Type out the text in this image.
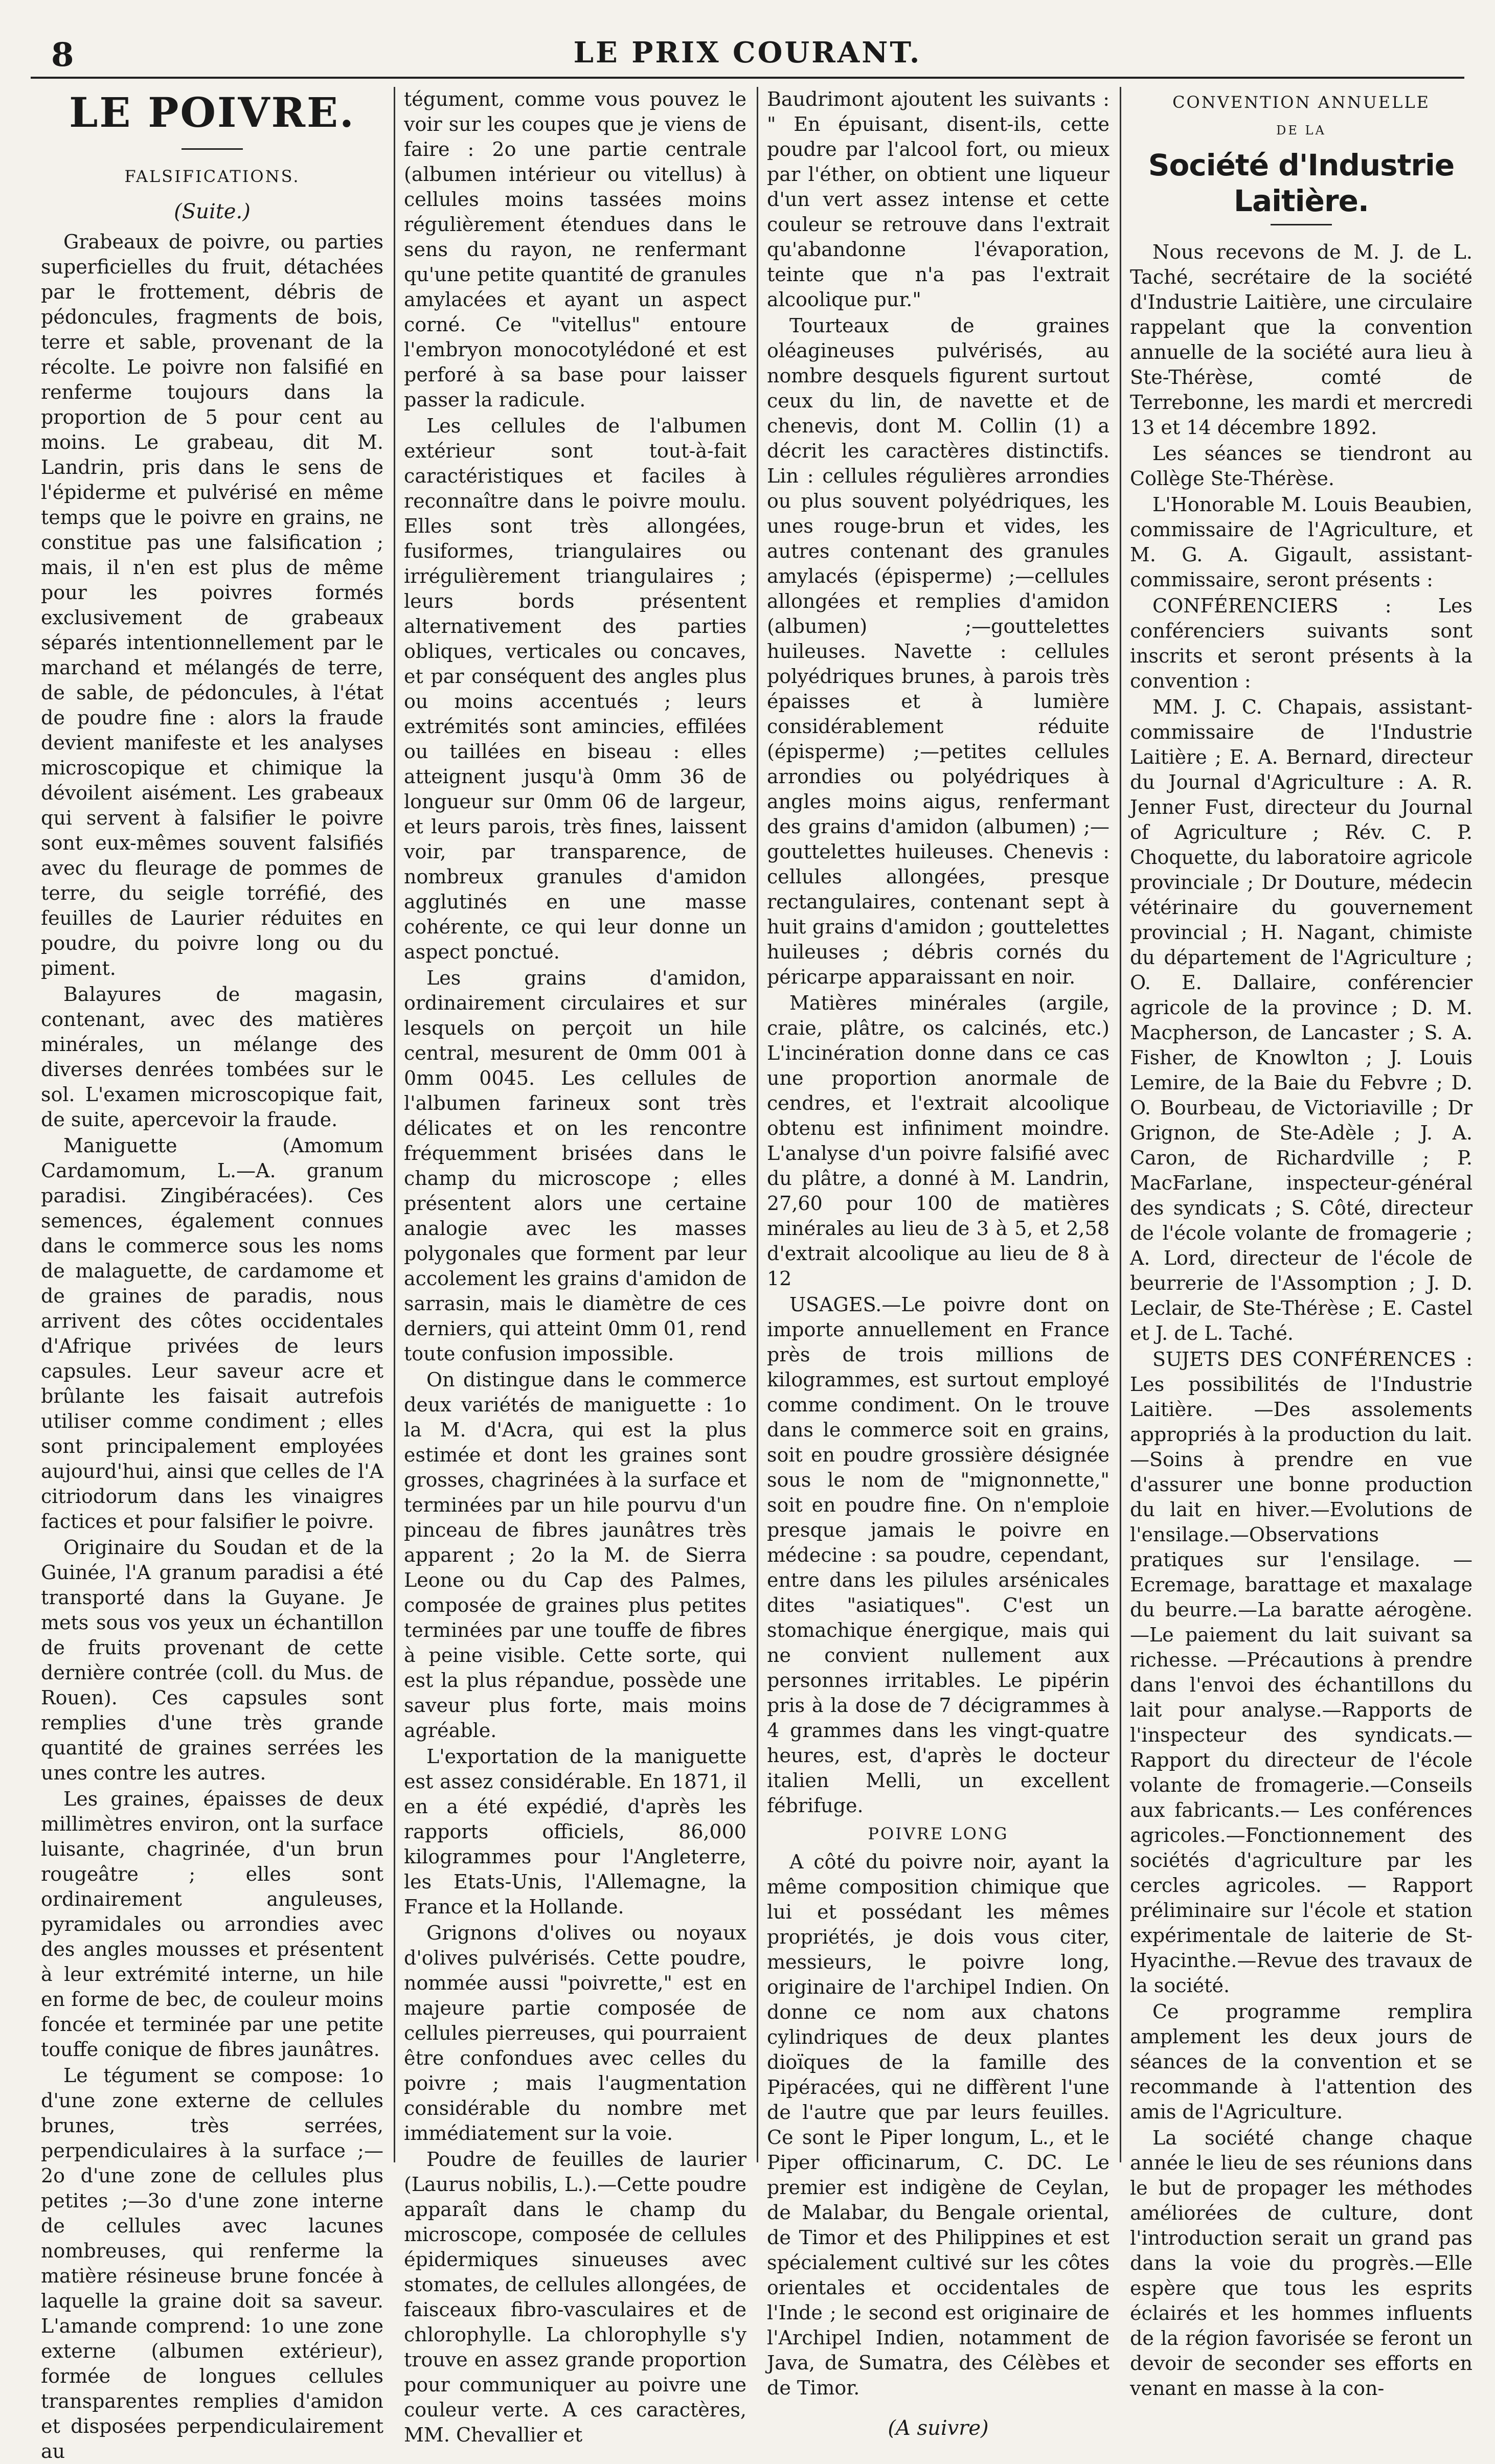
8	LE PRIX COURANT.
LE POIVRE.
FALSIFICATIONS.
(Suite.)

Grabeaux de poivre, ou parties superficielles du fruit, détachées par le frottement, débris de pédoncules, fragments de bois, terre et sable, provenant de la récolte. Le poivre non falsifié en renferme toujours dans la proportion de 5 pour cent au moins. Le grabeau, dit M. Landrin, pris dans le sens de l'épiderme et pulvérisé en même temps que le poivre en grains, ne constitue pas une falsification ; mais, il n'en est plus de même pour les poivres formés exclusivement de grabeaux séparés intentionnellement par le marchand et mélangés de terre, de sable, de pédoncules, à l'état de poudre fine : alors la fraude devient manifeste et les analyses microscopique et chimique la dévoilent aisément. Les grabeaux qui servent à falsifier le poivre sont eux-mêmes souvent falsifiés avec du fleurage de pommes de terre, du seigle torréfié, des feuilles de Laurier réduites en poudre, du poivre long ou du piment.

Balayures de magasin, contenant, avec des matières minérales, un mélange des diverses denrées tombées sur le sol. L'examen microscopique fait, de suite, apercevoir la fraude.

Maniguette (Amomum Cardamomum, L.—A. granum paradisi. Zingibéracées). Ces semences, également connues dans le commerce sous les noms de malaguette, de cardamome et de graines de paradis, nous arrivent des côtes occidentales d'Afrique privées de leurs capsules. Leur saveur acre et brûlante les faisait autrefois utiliser comme condiment ; elles sont principalement employées aujourd'hui, ainsi que celles de l'A citriodorum dans les vinaigres factices et pour falsifier le poivre.

Originaire du Soudan et de la Guinée, l'A granum paradisi a été transporté dans la Guyane. Je mets sous vos yeux un échantillon de fruits provenant de cette dernière contrée (coll. du Mus. de Rouen). Ces capsules sont remplies d'une très grande quantité de graines serrées les unes contre les autres.

Les graines, épaisses de deux millimètres environ, ont la surface luisante, chagrinée, d'un brun rougeâtre ; elles sont ordinairement anguleuses, pyramidales ou arrondies avec des angles mousses et présentent à leur extrémité interne, un hile en forme de bec, de couleur moins foncée et terminée par une petite touffe conique de fibres jaunâtres.

Le tégument se compose: 1o d'une zone externe de cellules brunes, très serrées, perpendiculaires à la surface ;—2o d'une zone de cellules plus petites ;—3o d'une zone interne de cellules avec lacunes nombreuses, qui renferme la matière résineuse brune foncée à laquelle la graine doit sa saveur. L'amande comprend: 1o une zone externe (albumen extérieur), formée de longues cellules transparentes remplies d'amidon et disposées perpendiculairement au

tégument, comme vous pouvez le voir sur les coupes que je viens de faire : 2o une partie centrale (albumen intérieur ou vitellus) à cellules moins tassées moins régulièrement étendues dans le sens du rayon, ne renfermant qu'une petite quantité de granules amylacées et ayant un aspect corné. Ce "vitellus" entoure l'embryon monocotylédoné et est perforé à sa base pour laisser passer la radicule.

Les cellules de l'albumen extérieur sont tout-à-fait caractéristiques et faciles à reconnaître dans le poivre moulu. Elles sont très allongées, fusiformes, triangulaires ou irrégulièrement triangulaires ; leurs bords présentent alternativement des parties obliques, verticales ou concaves, et par conséquent des angles plus ou moins accentués ; leurs extrémités sont amincies, effilées ou taillées en biseau : elles atteignent jusqu'à 0mm 36 de longueur sur 0mm 06 de largeur, et leurs parois, très fines, laissent voir, par transparence, de nombreux granules d'amidon agglutinés en une masse cohérente, ce qui leur donne un aspect ponctué.

Les grains d'amidon, ordinairement circulaires et sur lesquels on perçoit un hile central, mesurent de 0mm 001 à 0mm 0045. Les cellules de l'albumen farineux sont très délicates et on les rencontre fréquemment brisées dans le champ du microscope ; elles présentent alors une certaine analogie avec les masses polygonales que forment par leur accolement les grains d'amidon de sarrasin, mais le diamètre de ces derniers, qui atteint 0mm 01, rend toute confusion impossible.

On distingue dans le commerce deux variétés de maniguette : 1o la M. d'Acra, qui est la plus estimée et dont les graines sont grosses, chagrinées à la surface et terminées par un hile pourvu d'un pinceau de fibres jaunâtres très apparent ; 2o la M. de Sierra Leone ou du Cap des Palmes, composée de graines plus petites terminées par une touffe de fibres à peine visible. Cette sorte, qui est la plus répandue, possède une saveur plus forte, mais moins agréable.

L'exportation de la maniguette est assez considérable. En 1871, il en a été expédié, d'après les rapports officiels, 86,000 kilogrammes pour l'Angleterre, les Etats-Unis, l'Allemagne, la France et la Hollande.

Grignons d'olives ou noyaux d'olives pulvérisés. Cette poudre, nommée aussi "poivrette," est en majeure partie composée de cellules pierreuses, qui pourraient être confondues avec celles du poivre ; mais l'augmentation considérable du nombre met immédiatement sur la voie.

Poudre de feuilles de laurier (Laurus nobilis, L.).—Cette poudre apparaît dans le champ du microscope, composée de cellules épidermiques sinueuses avec stomates, de cellules allongées, de faisceaux fibro-vasculaires et de chlorophylle. La chlorophylle s'y trouve en assez grande proportion pour communiquer au poivre une couleur verte. A ces caractères, MM. Chevallier et

Baudrimont ajoutent les suivants : " En épuisant, disent-ils, cette poudre par l'alcool fort, ou mieux par l'éther, on obtient une liqueur d'un vert assez intense et cette couleur se retrouve dans l'extrait qu'abandonne l'évaporation, teinte que n'a pas l'extrait alcoolique pur."

Tourteaux de graines oléagineuses pulvérisés, au nombre desquels figurent surtout ceux du lin, de navette et de chenevis, dont M. Collin (1) a décrit les caractères distinctifs. Lin : cellules régulières arrondies ou plus souvent polyédriques, les unes rouge-brun et vides, les autres contenant des granules amylacés (épisperme) ;—cellules allongées et remplies d'amidon (albumen) ;—gouttelettes huileuses. Navette : cellules polyédriques brunes, à parois très épaisses et à lumière considérablement réduite (épisperme) ;—petites cellules arrondies ou polyédriques à angles moins aigus, renfermant des grains d'amidon (albumen) ;—gouttelettes huileuses. Chenevis : cellules allongées, presque rectangulaires, contenant sept à huit grains d'amidon ; gouttelettes huileuses ; débris cornés du péricarpe apparaissant en noir.

Matières minérales (argile, craie, plâtre, os calcinés, etc.) L'incinération donne dans ce cas une proportion anormale de cendres, et l'extrait alcoolique obtenu est infiniment moindre. L'analyse d'un poivre falsifié avec du plâtre, a donné à M. Landrin, 27,60 pour 100 de matières minérales au lieu de 3 à 5, et 2,58 d'extrait alcoolique au lieu de 8 à 12

USAGES.—Le poivre dont on importe annuellement en France près de trois millions de kilogrammes, est surtout employé comme condiment. On le trouve dans le commerce soit en grains, soit en poudre grossière désignée sous le nom de "mignonnette," soit en poudre fine. On n'emploie presque jamais le poivre en médecine : sa poudre, cependant, entre dans les pilules arsénicales dites "asiatiques". C'est un stomachique énergique, mais qui ne convient nullement aux personnes irritables. Le pipérin pris à la dose de 7 décigrammes à 4 grammes dans les vingt-quatre heures, est, d'après le docteur italien Melli, un excellent fébrifuge.

POIVRE LONG

A côté du poivre noir, ayant la même composition chimique que lui et possédant les mêmes propriétés, je dois vous citer, messieurs, le poivre long, originaire de l'archipel Indien. On donne ce nom aux chatons cylindriques de deux plantes dioïques de la famille des Pipéracées, qui ne diffèrent l'une de l'autre que par leurs feuilles. Ce sont le Piper longum, L., et le Piper officinarum, C. DC. Le premier est indigène de Ceylan, de Malabar, du Bengale oriental, de Timor et des Philippines et est spécialement cultivé sur les côtes orientales et occidentales de l'Inde ; le second est originaire de l'Archipel Indien, notamment de Java, de Sumatra, des Célèbes et de Timor.

(A suivre)
CONVENTION ANNUELLE
DE LA
Société d'Industrie Laitière.

Nous recevons de M. J. de L. Taché, secrétaire de la société d'Industrie Laitière, une circulaire rappelant que la convention annuelle de la société aura lieu à Ste-Thérèse, comté de Terrebonne, les mardi et mercredi 13 et 14 décembre 1892.

Les séances se tiendront au Collège Ste-Thérèse.

L'Honorable M. Louis Beaubien, commissaire de l'Agriculture, et M. G. A. Gigault, assistant-commissaire, seront présents :

CONFÉRENCIERS : Les conférenciers suivants sont inscrits et seront présents à la convention :

MM. J. C. Chapais, assistant-commissaire de l'Industrie Laitière ; E. A. Bernard, directeur du Journal d'Agriculture : A. R. Jenner Fust, directeur du Journal of Agriculture ; Rév. C. P. Choquette, du laboratoire agricole provinciale ; Dr Douture, médecin vétérinaire du gouvernement provincial ; H. Nagant, chimiste du département de l'Agriculture ; O. E. Dallaire, conférencier agricole de la province ; D. M. Macpherson, de Lancaster ; S. A. Fisher, de Knowlton ; J. Louis Lemire, de la Baie du Febvre ; D. O. Bourbeau, de Victoriaville ; Dr Grignon, de Ste-Adèle ; J. A. Caron, de Richardville ; P. MacFarlane, inspecteur-général des syndicats ; S. Côté, directeur de l'école volante de fromagerie ; A. Lord, directeur de l'école de beurrerie de l'Assomption ; J. D. Leclair, de Ste-Thérèse ; E. Castel et J. de L. Taché.

SUJETS DES CONFÉRENCES : Les possibilités de l'Industrie Laitière. —Des assolements appropriés à la production du lait.—Soins à prendre en vue d'assurer une bonne production du lait en hiver.—Evolutions de l'ensilage.—Observations pratiques sur l'ensilage. — Ecremage, barattage et maxalage du beurre.—La baratte aérogène.—Le paiement du lait suivant sa richesse. —Précautions à prendre dans l'envoi des échantillons du lait pour analyse.—Rapports de l'inspecteur des syndicats.—Rapport du directeur de l'école volante de fromagerie.—Conseils aux fabricants.— Les conférences agricoles.—Fonctionnement des sociétés d'agriculture par les cercles agricoles. — Rapport préliminaire sur l'école et station expérimentale de laiterie de St-Hyacinthe.—Revue des travaux de la société.

Ce programme remplira amplement les deux jours de séances de la convention et se recommande à l'attention des amis de l'Agriculture.

La société change chaque année le lieu de ses réunions dans le but de propager les méthodes améliorées de culture, dont l'introduction serait un grand pas dans la voie du progrès.—Elle espère que tous les esprits éclairés et les hommes influents de la région favorisée se feront un devoir de seconder ses efforts en venant en masse à la con-
